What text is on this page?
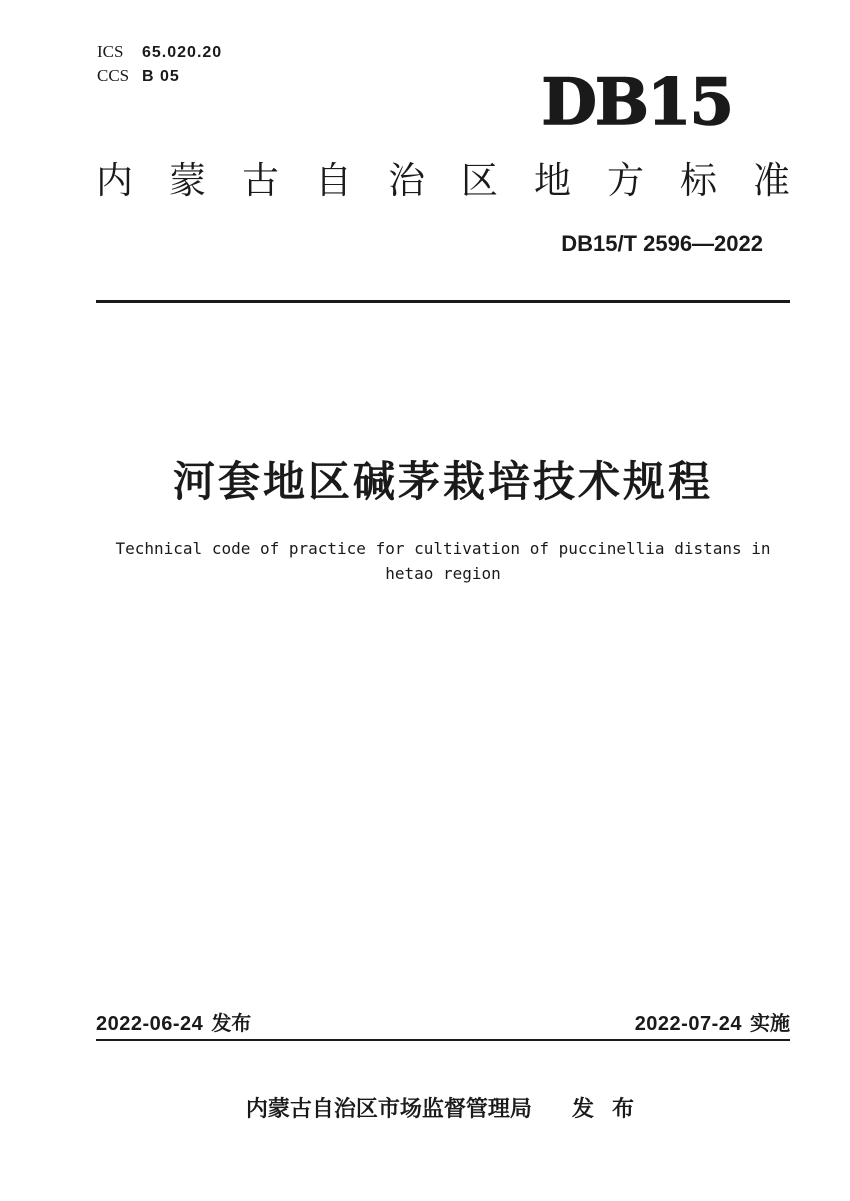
ICS	65.020.20
CCS B 05	DB15
内 蒙 古 自 治 区 地 方 标 准
DB15/T 2596—2022
河套地区碱茅栽培技术规程
Technical code of practice for cultivation of puccinellia distans in
hetao region
2022-06-24 发布	2022-07-24 实施
内蒙古自治区市场监督管理局 发 布
